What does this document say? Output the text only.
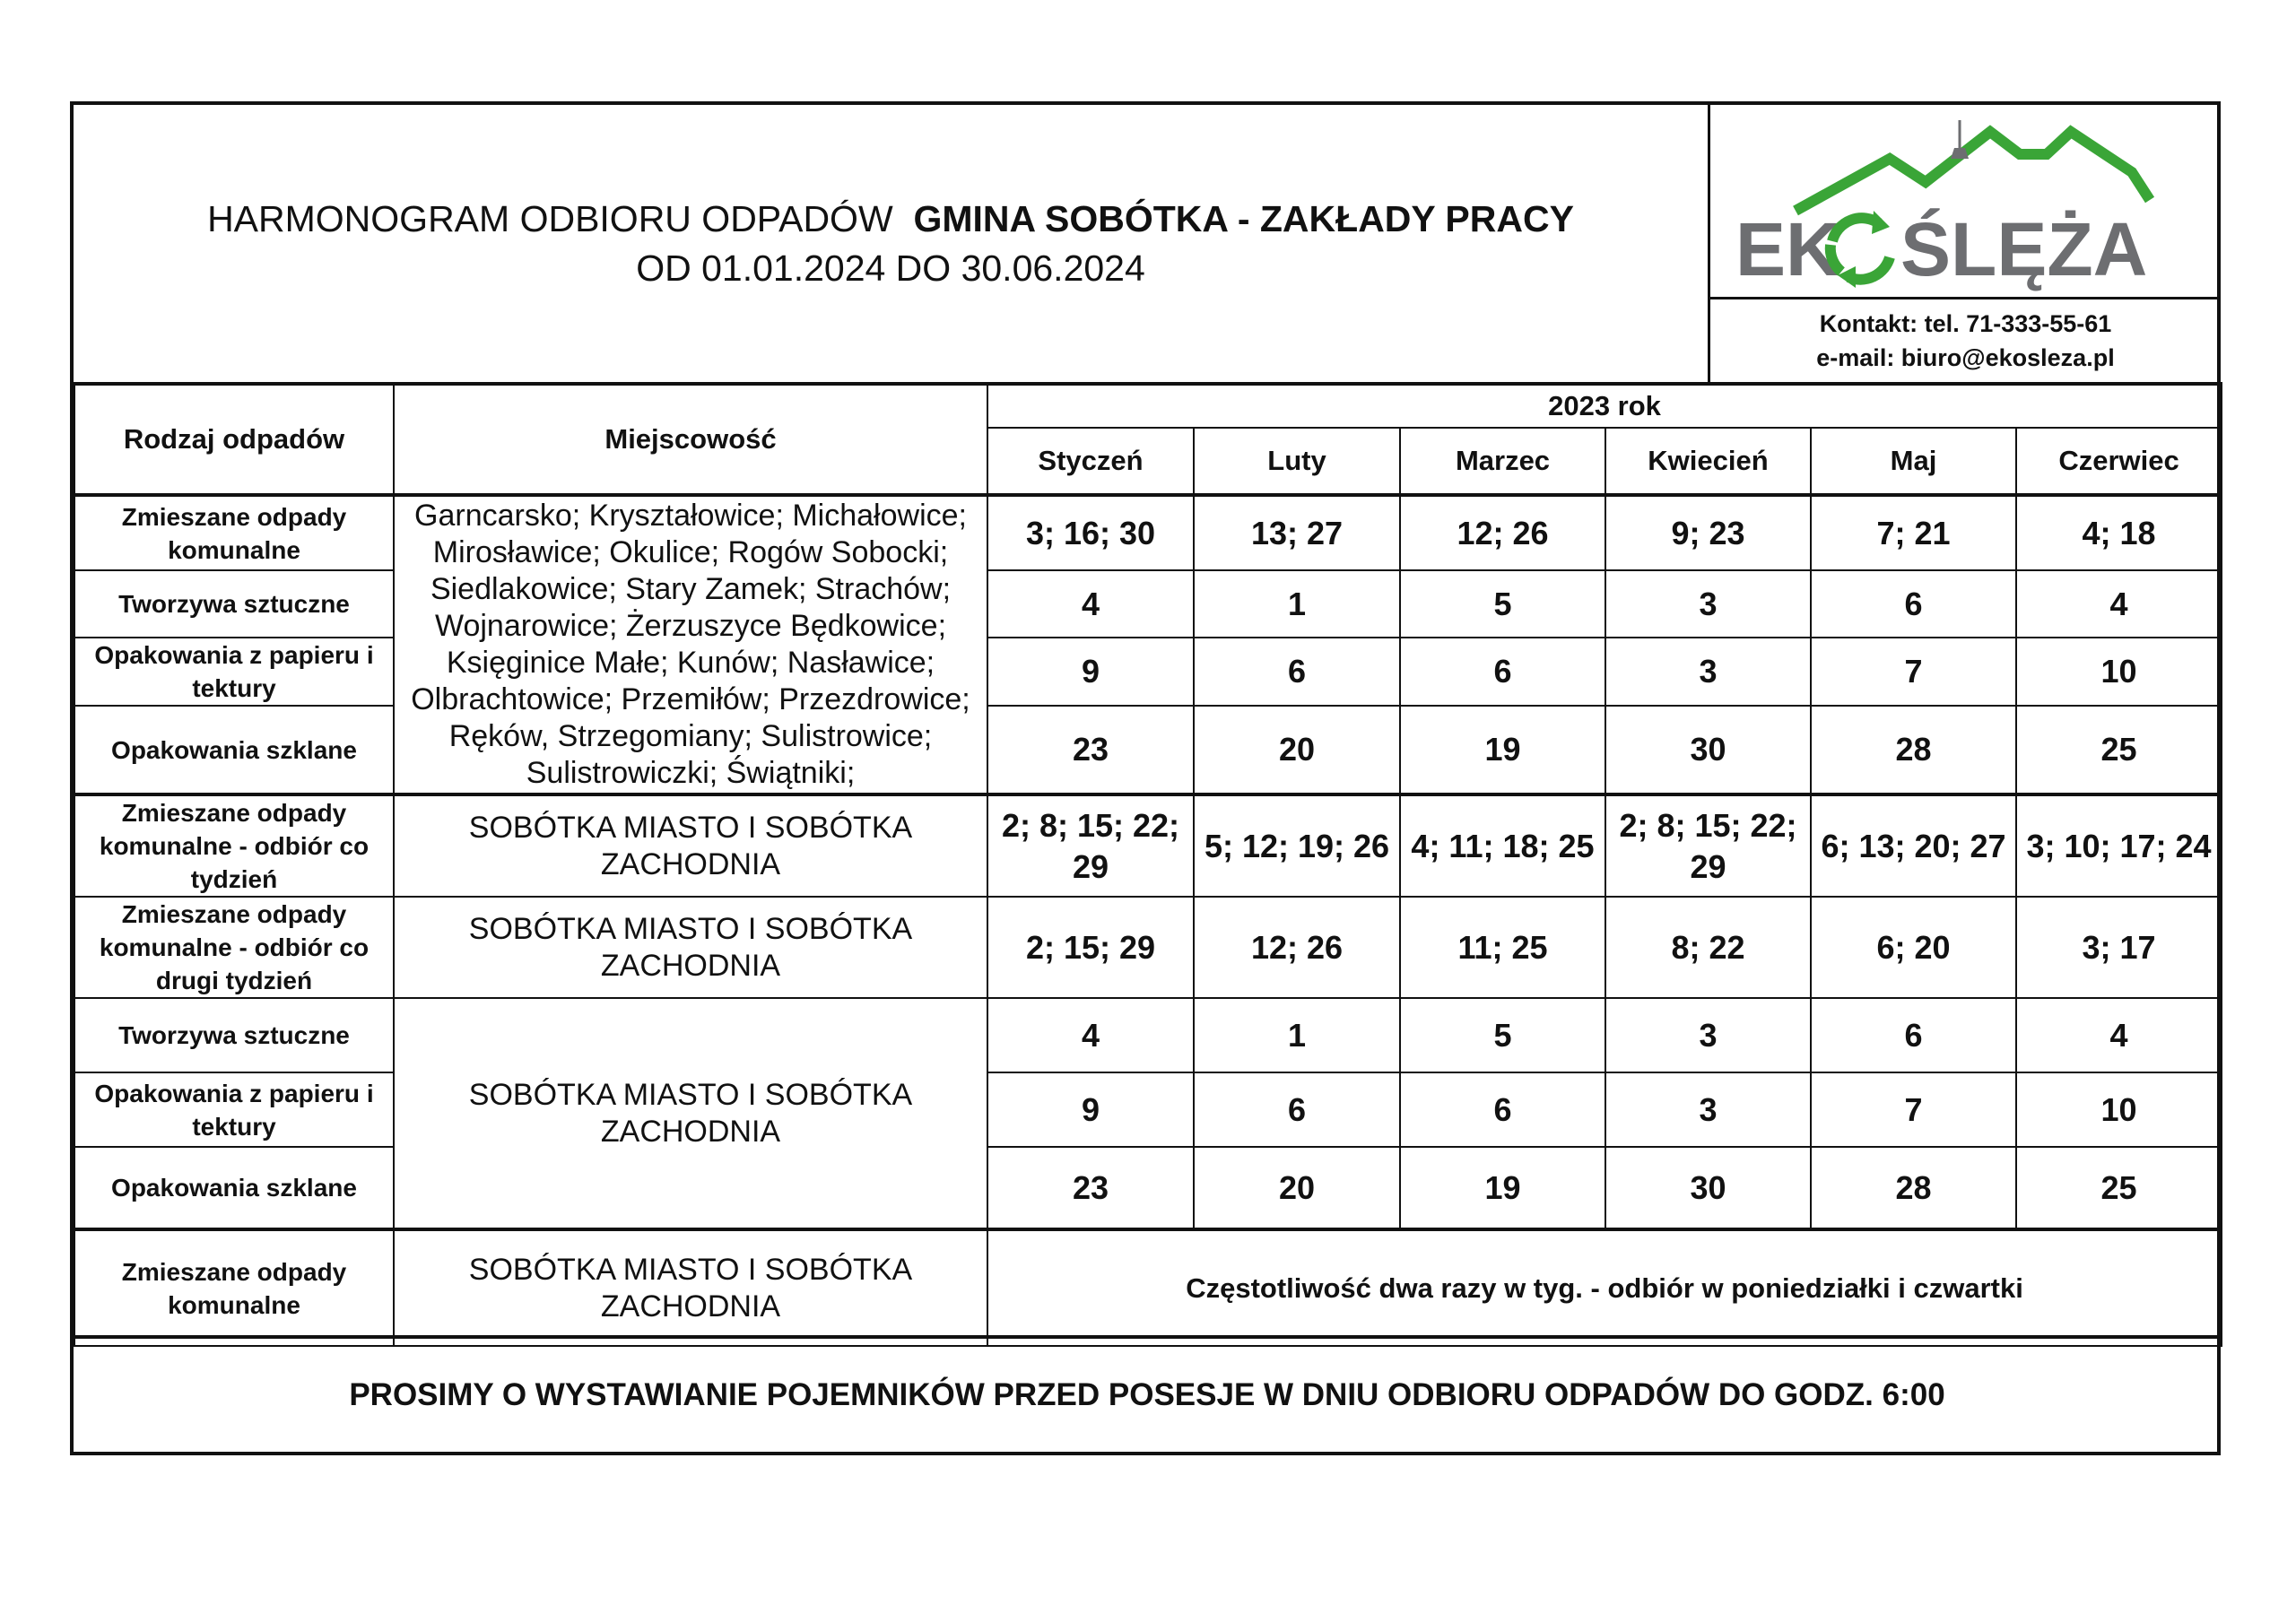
HARMONOGRAM ODBIORU ODPADÓW GMINA SOBÓTKA - ZAKŁADY PRACY
OD 01.01.2024 DO 30.06.2024	EK ŚLĘŻA
Kontakt: tel. 71-333-55-61
e-mail: biuro@ekosleza.pl
Rodzaj odpadów	Miejscowość	2023 rok					
		Styczeń	Luty	Marzec	Kwiecień	Maj	Czerwiec
Zmieszane odpady komunalne	Garncarsko; Kryształowice; Michałowice; Mirosławice; Okulice; Rogów Sobocki; Siedlakowice; Stary Zamek; Strachów; Wojnarowice; Żerzuszyce Będkowice; Księginice Małe; Kunów; Nasławice; Olbrachtowice; Przemiłów; Przezdrowice; Ręków, Strzegomiany; Sulistrowice; Sulistrowiczki; Świątniki;	3; 16; 30	13; 27	12; 26	9; 23	7; 21	4; 18
Tworzywa sztuczne		4	1	5	3	6	4
Opakowania z papieru i tektury		9	6	6	3	7	10
Opakowania szklane		23	20	19	30	28	25
Zmieszane odpady komunalne - odbiór co tydzień	SOBÓTKA MIASTO I SOBÓTKA ZACHODNIA	2; 8; 15; 22; 29	5; 12; 19; 26	4; 11; 18; 25	2; 8; 15; 22; 29	6; 13; 20; 27	3; 10; 17; 24
Zmieszane odpady komunalne - odbiór co drugi tydzień	SOBÓTKA MIASTO I SOBÓTKA ZACHODNIA	2; 15; 29	12; 26	11; 25	8; 22	6; 20	3; 17
Tworzywa sztuczne	SOBÓTKA MIASTO I SOBÓTKA ZACHODNIA	4	1	5	3	6	4
Opakowania z papieru i tektury		9	6	6	3	7	10
Opakowania szklane		23	20	19	30	28	25
Zmieszane odpady komunalne	SOBÓTKA MIASTO I SOBÓTKA ZACHODNIA	Częstotliwość dwa razy w tyg. - odbiór w poniedziałki i czwartki					
PROSIMY O WYSTAWIANIE POJEMNIKÓW PRZED POSESJE W DNIU ODBIORU ODPADÓW DO GODZ. 6:00
